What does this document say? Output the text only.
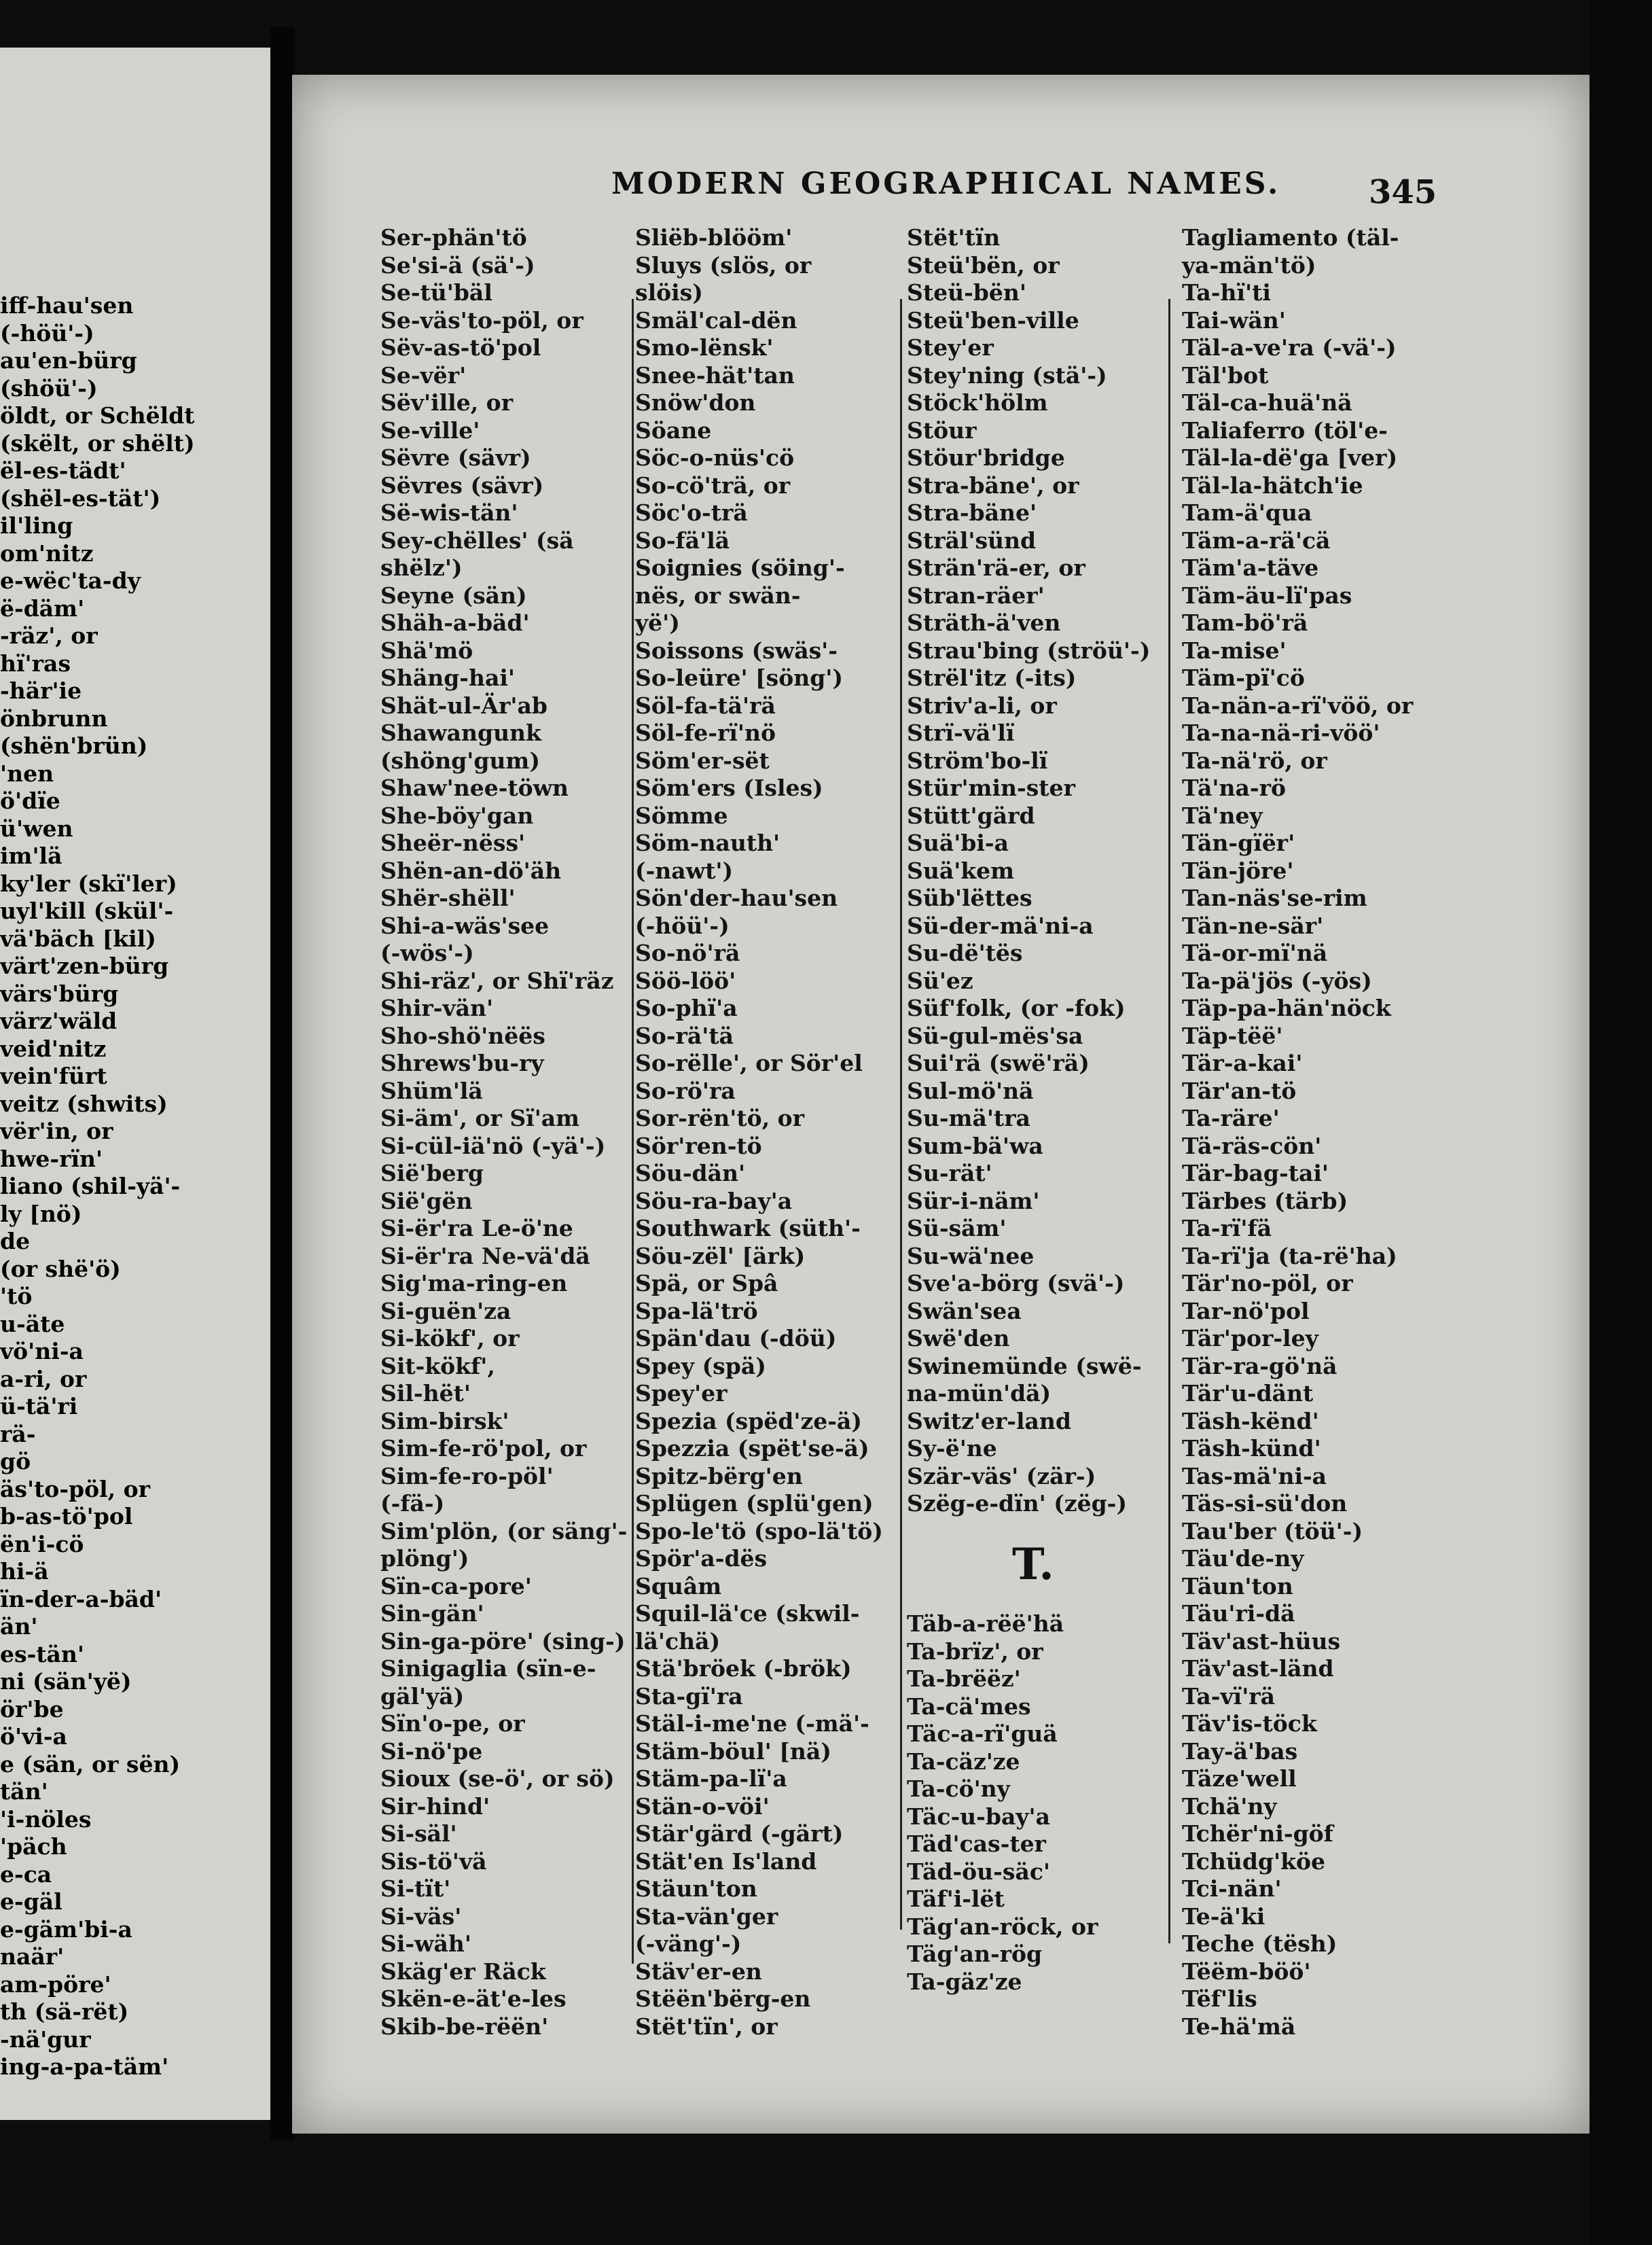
iff-hau'sen
(-höü'-)
au'en-bürg
(shöü'-)
öldt, or Schëldt
(skëlt, or shëlt)
ël-es-tädt'
(shël-es-tät')
il'ling
om'nitz
e-wëc'ta-dy
ë-däm'
-räz', or
hï'ras
-här'ie
önbrunn
(shën'brün)
'nen
ö'dïe
ü'wen
im'lä
ky'ler (skï'ler)
uyl'kill (skül'-
vä'bäch [kil)
värt'zen-bürg
värs'bürg
värz'wäld
veid'nitz
vein'fürt
veitz (shwits)
vër'in, or
hwe-rïn'
liano (shil-yä'-
ly [nö)
de
(or shë'ö)
'tö
u-äte
vö'ni-a
a-ri, or
ü-tä'ri
rä-
gö
äs'to-pöl, or
b-as-tö'pol
ën'i-cö
hi-ä
ïn-der-a-bäd'
än'
es-tän'
ni (sän'yë)
ör'be
ö'vi-a
e (sän, or sën)
tän'
'i-nöles
'päch
e-ca
e-gäl
e-gäm'bi-a
naär'
am-pöre'
th (sä-rët)
-nä'gur
ing-a-pa-täm'
MODERN GEOGRAPHICAL NAMES.	345
Ser-phän'tö
Se'si-ä (sä'-)
Se-tü'bäl
Se-väs'to-pöl, or
Sëv-as-tö'pol
Se-vër'
Sëv'ille, or
Se-ville'
Sëvre (sävr)
Sëvres (sävr)
Së-wis-tän'
Sey-chëlles' (sä
shëlz')
Seyne (sän)
Shäh-a-bäd'
Shä'mö
Shäng-hai'
Shät-ul-Är'ab
Shawangunk
(shöng'gum)
Shaw'nee-töwn
She-böy'gan
Sheër-nëss'
Shën-an-dö'äh
Shër-shëll'
Shi-a-wäs'see
(-wös'-)
Shi-räz', or Shï'räz
Shir-vän'
Sho-shö'nëës
Shrews'bu-ry
Shüm'lä
Si-äm', or Sï'am
Si-cül-iä'nö (-yä'-)
Sië'berg
Sië'gën
Si-ër'ra Le-ö'ne
Si-ër'ra Ne-vä'dä
Sig'ma-ring-en
Si-guën'za
Si-kökf', or
Sit-kökf',
Sil-hët'
Sim-birsk'
Sim-fe-rö'pol, or
Sim-fe-ro-pöl'
(-fä-)
Sim'plön, (or säng'-
plöng')
Sïn-ca-pore'
Sin-gän'
Sin-ga-pöre' (sing-)
Sinigaglia (sïn-e-
gäl'yä)
Sïn'o-pe, or
Si-nö'pe
Sioux (se-ö', or sö)
Sir-hind'
Si-säl'
Sis-tö'vä
Si-tït'
Si-väs'
Si-wäh'
Skäg'er Räck
Skën-e-ät'e-les
Skib-be-rëën'
Sliëb-blööm'
Sluys (slös, or
slöis)
Smäl'cal-dën
Smo-lënsk'
Snee-hät'tan
Snöw'don
Söane
Söc-o-nüs'cö
So-cö'trä, or
Söc'o-trä
So-fä'lä
Soignies (söing'-
nës, or swän-
yë')
Soissons (swäs'-
So-leüre' [söng')
Söl-fa-tä'rä
Söl-fe-rï'nö
Söm'er-sët
Söm'ers (Isles)
Sömme
Söm-nauth'
(-nawt')
Sön'der-hau'sen
(-höü'-)
So-nö'rä
Söö-löö'
So-phï'a
So-rä'tä
So-rëlle', or Sör'el
So-rö'ra
Sor-rën'tö, or
Sör'ren-tö
Söu-dän'
Söu-ra-bay'a
Southwark (süth'-
Söu-zël' [ärk)
Spä, or Spâ
Spa-lä'trö
Spän'dau (-döü)
Spey (spä)
Spey'er
Spezia (spëd'ze-ä)
Spezzia (spët'se-ä)
Spitz-bërg'en
Splügen (splü'gen)
Spo-le'tö (spo-lä'tö)
Spör'a-dës
Squâm
Squil-lä'ce (skwil-
lä'chä)
Stä'bröek (-brök)
Sta-gï'ra
Stäl-i-me'ne (-mä'-
Stäm-böul' [nä)
Stäm-pa-lï'a
Stän-o-vöi'
Stär'gärd (-gärt)
Stät'en Is'land
Stäun'ton
Sta-vän'ger
(-väng'-)
Stäv'er-en
Stëën'bërg-en
Stët'tïn', or
Stët'tïn
Steü'bën, or
Steü-bën'
Steü'ben-ville
Stey'er
Stey'ning (stä'-)
Stöck'hölm
Stöur
Stöur'bridge
Stra-bäne', or
Stra-bäne'
Sträl'sünd
Strän'rä-er, or
Stran-räer'
Sträth-ä'ven
Strau'bing (ströü'-)
Strël'itz (-its)
Striv'a-li, or
Strï-vä'lï
Ström'bo-lï
Stür'min-ster
Stütt'gärd
Suä'bi-a
Suä'kem
Süb'lëttes
Sü-der-mä'ni-a
Su-dë'tës
Sü'ez
Süf'folk, (or -fok)
Sü-gul-mës'sa
Sui'rä (swë'rä)
Sul-mö'nä
Su-mä'tra
Sum-bä'wa
Su-rät'
Sür-i-näm'
Sü-säm'
Su-wä'nee
Sve'a-börg (svä'-)
Swän'sea
Swë'den
Swinemünde (swë-
na-mün'dä)
Switz'er-land
Sy-ë'ne
Szär-väs' (zär-)
Szëg-e-dïn' (zëg-)
T.
Täb-a-rëë'hä
Ta-brïz', or
Ta-brëëz'
Ta-cä'mes
Täc-a-rï'guä
Ta-cäz'ze
Ta-cö'ny
Täc-u-bay'a
Täd'cas-ter
Täd-öu-säc'
Täf'i-lët
Täg'an-röck, or
Täg'an-rög
Ta-gäz'ze
Tagliamento (täl-
ya-män'tö)
Ta-hï'ti
Tai-wän'
Täl-a-ve'ra (-vä'-)
Täl'bot
Täl-ca-huä'nä
Taliaferro (töl'e-
Täl-la-dë'ga [ver)
Täl-la-hätch'ie
Tam-ä'qua
Täm-a-rä'cä
Täm'a-täve
Täm-äu-lï'pas
Tam-bö'rä
Ta-mise'
Täm-pï'cö
Ta-nän-a-rï'vöö, or
Ta-na-nä-ri-vöö'
Ta-nä'rö, or
Tä'na-rö
Tä'ney
Tän-gïër'
Tän-jöre'
Tan-näs'se-rim
Tän-ne-sär'
Tä-or-mï'nä
Ta-pä'jös (-yös)
Täp-pa-hän'nöck
Täp-tëë'
Tär-a-kai'
Tär'an-tö
Ta-räre'
Tä-räs-cön'
Tär-bag-tai'
Tärbes (tärb)
Ta-rï'fä
Ta-rï'ja (ta-rë'ha)
Tär'no-pöl, or
Tar-nö'pol
Tär'por-ley
Tär-ra-gö'nä
Tär'u-dänt
Täsh-kënd'
Täsh-künd'
Tas-mä'ni-a
Täs-si-sü'don
Tau'ber (töü'-)
Täu'de-ny
Täun'ton
Täu'ri-dä
Täv'ast-hüus
Täv'ast-länd
Ta-vï'rä
Täv'is-töck
Tay-ä'bas
Täze'well
Tchä'ny
Tchër'ni-göf
Tchüdg'köe
Tci-nän'
Te-ä'ki
Teche (tësh)
Tëëm-böö'
Tëf'lis
Te-hä'mä
